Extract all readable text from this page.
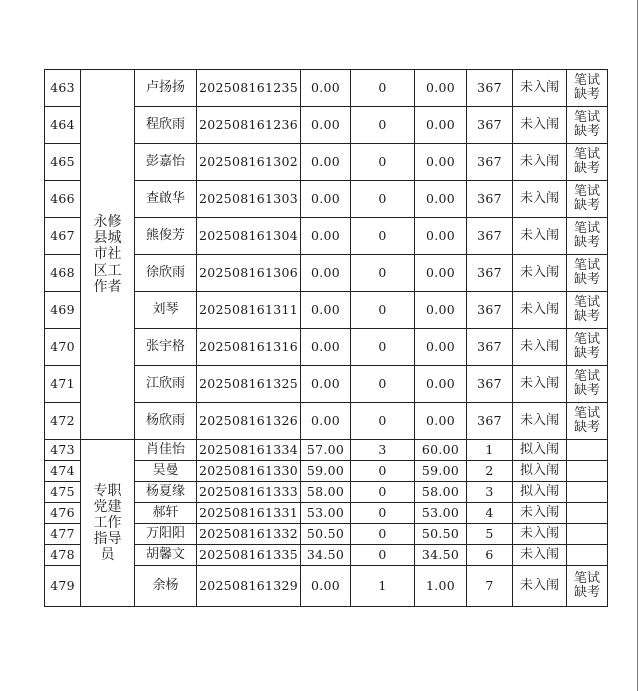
463	永修县城市社区工作者	卢扬扬	202508161235	0.00	0	0.00	367	未入闱	笔试缺考
464		程欣雨	202508161236	0.00	0	0.00	367	未入闱	笔试缺考
465		彭嘉怡	202508161302	0.00	0	0.00	367	未入闱	笔试缺考
466		查啟华	202508161303	0.00	0	0.00	367	未入闱	笔试缺考
467		熊俊芳	202508161304	0.00	0	0.00	367	未入闱	笔试缺考
468		徐欣雨	202508161306	0.00	0	0.00	367	未入闱	笔试缺考
469		刘琴	202508161311	0.00	0	0.00	367	未入闱	笔试缺考
470		张宇格	202508161316	0.00	0	0.00	367	未入闱	笔试缺考
471		江欣雨	202508161325	0.00	0	0.00	367	未入闱	笔试缺考
472		杨欣雨	202508161326	0.00	0	0.00	367	未入闱	笔试缺考
473	专职党建工作指导员	肖佳怡	202508161334	57.00	3	60.00	1	拟入闱	
474		吴曼	202508161330	59.00	0	59.00	2	拟入闱	
475		杨夏缘	202508161333	58.00	0	58.00	3	拟入闱	
476		郝轩	202508161331	53.00	0	53.00	4	未入闱	
477		万阳阳	202508161332	50.50	0	50.50	5	未入闱	
478		胡馨文	202508161335	34.50	0	34.50	6	未入闱	
479		余杨	202508161329	0.00	1	1.00	7	未入闱	笔试缺考
